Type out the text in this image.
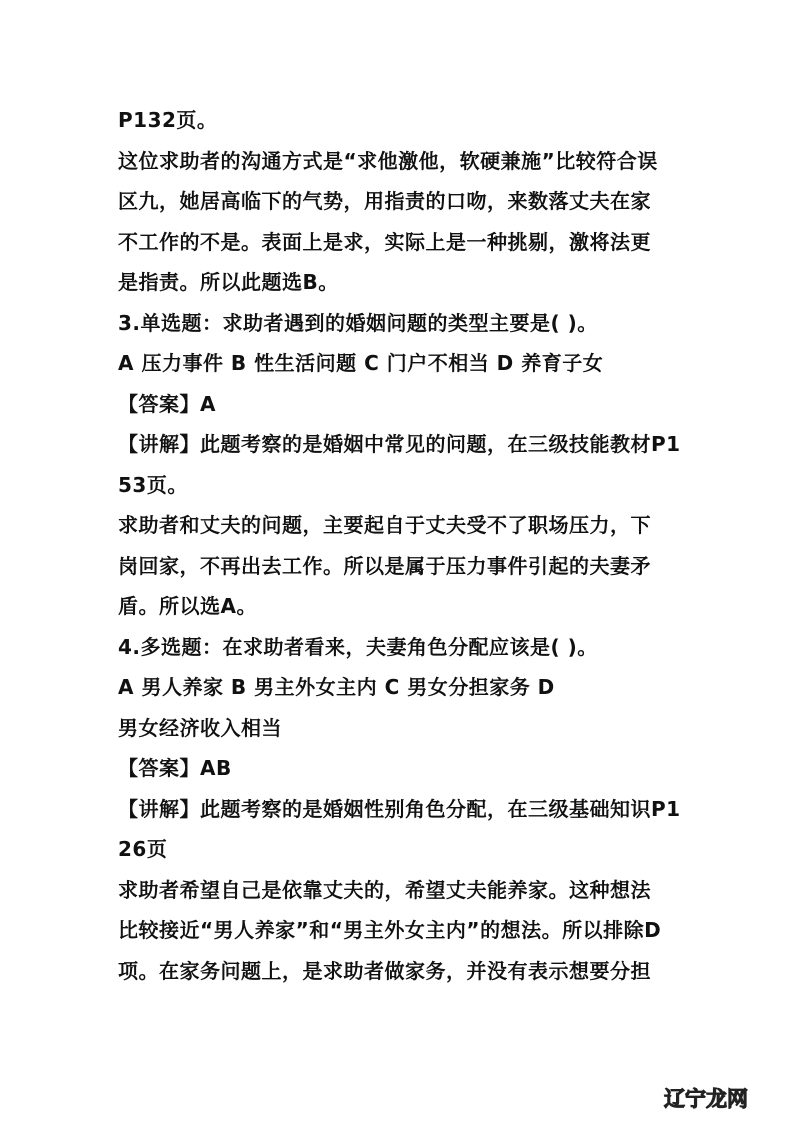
P132页。
这位求助者的沟通方式是“求他激他，软硬兼施”比较符合误
区九，她居高临下的气势，用指责的口吻，来数落丈夫在家
不工作的不是。表面上是求，实际上是一种挑剔，激将法更
是指责。所以此题选B。
3.单选题：求助者遇到的婚姻问题的类型主要是( )。
A 压力事件 B 性生活问题 C 门户不相当 D 养育子女
【答案】A
【讲解】此题考察的是婚姻中常见的问题，在三级技能教材P1
53页。
求助者和丈夫的问题，主要起自于丈夫受不了职场压力，下
岗回家，不再出去工作。所以是属于压力事件引起的夫妻矛
盾。所以选A。
4.多选题：在求助者看来，夫妻角色分配应该是( )。
A 男人养家 B 男主外女主内 C 男女分担家务 D
男女经济收入相当
【答案】AB
【讲解】此题考察的是婚姻性别角色分配，在三级基础知识P1
26页
求助者希望自己是依靠丈夫的，希望丈夫能养家。这种想法
比较接近“男人养家”和“男主外女主内”的想法。所以排除D
项。在家务问题上，是求助者做家务，并没有表示想要分担
辽宁龙网
